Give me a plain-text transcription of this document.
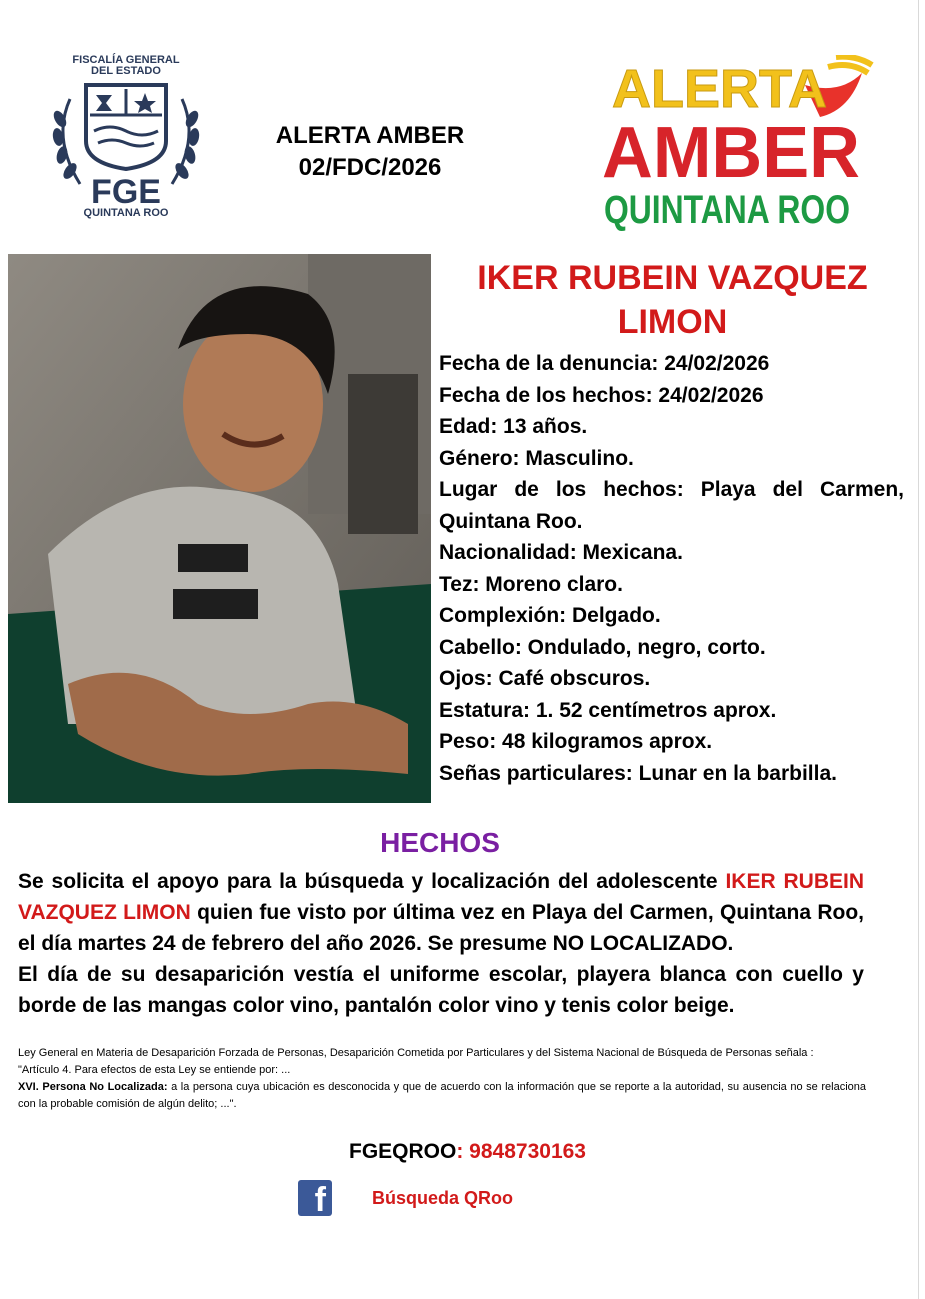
FISCALÍA GENERAL
DEL ESTADO
FGE
QUINTANA ROO
ALERTA AMBER
02/FDC/2026
ALERTA
AMBER
QUINTANA ROO
IKER RUBEIN VAZQUEZ
LIMON
Fecha de la denuncia: 24/02/2026
Fecha de los hechos: 24/02/2026
Edad: 13 años.
Género: Masculino.
Lugar de los hechos: Playa del Carmen, Quintana Roo.
Nacionalidad: Mexicana.
Tez: Moreno claro.
Complexión: Delgado.
Cabello: Ondulado, negro, corto.
Ojos: Café obscuros.
Estatura: 1. 52 centímetros aprox.
Peso: 48 kilogramos aprox.
Señas particulares: Lunar en la barbilla.
HECHOS
Se solicita el apoyo para la búsqueda y localización del adolescente IKER RUBEIN VAZQUEZ LIMON quien fue visto por última vez en Playa del Carmen, Quintana Roo, el día martes 24 de febrero del año 2026. Se presume NO LOCALIZADO.
El día de su desaparición vestía el uniforme escolar, playera blanca con cuello y borde de las mangas color vino, pantalón color vino y tenis color beige.
Ley General en Materia de Desaparición Forzada de Personas, Desaparición Cometida por Particulares y del Sistema Nacional de Búsqueda de Personas señala :
"Artículo 4. Para efectos de esta Ley se entiende por: ...
XVI. Persona No Localizada: a la persona cuya ubicación es desconocida y que de acuerdo con la información que se reporte a la autoridad, su ausencia no se relaciona con la probable comisión de algún delito; ...".
FGEQROO: 9848730163
f	Búsqueda QRoo
